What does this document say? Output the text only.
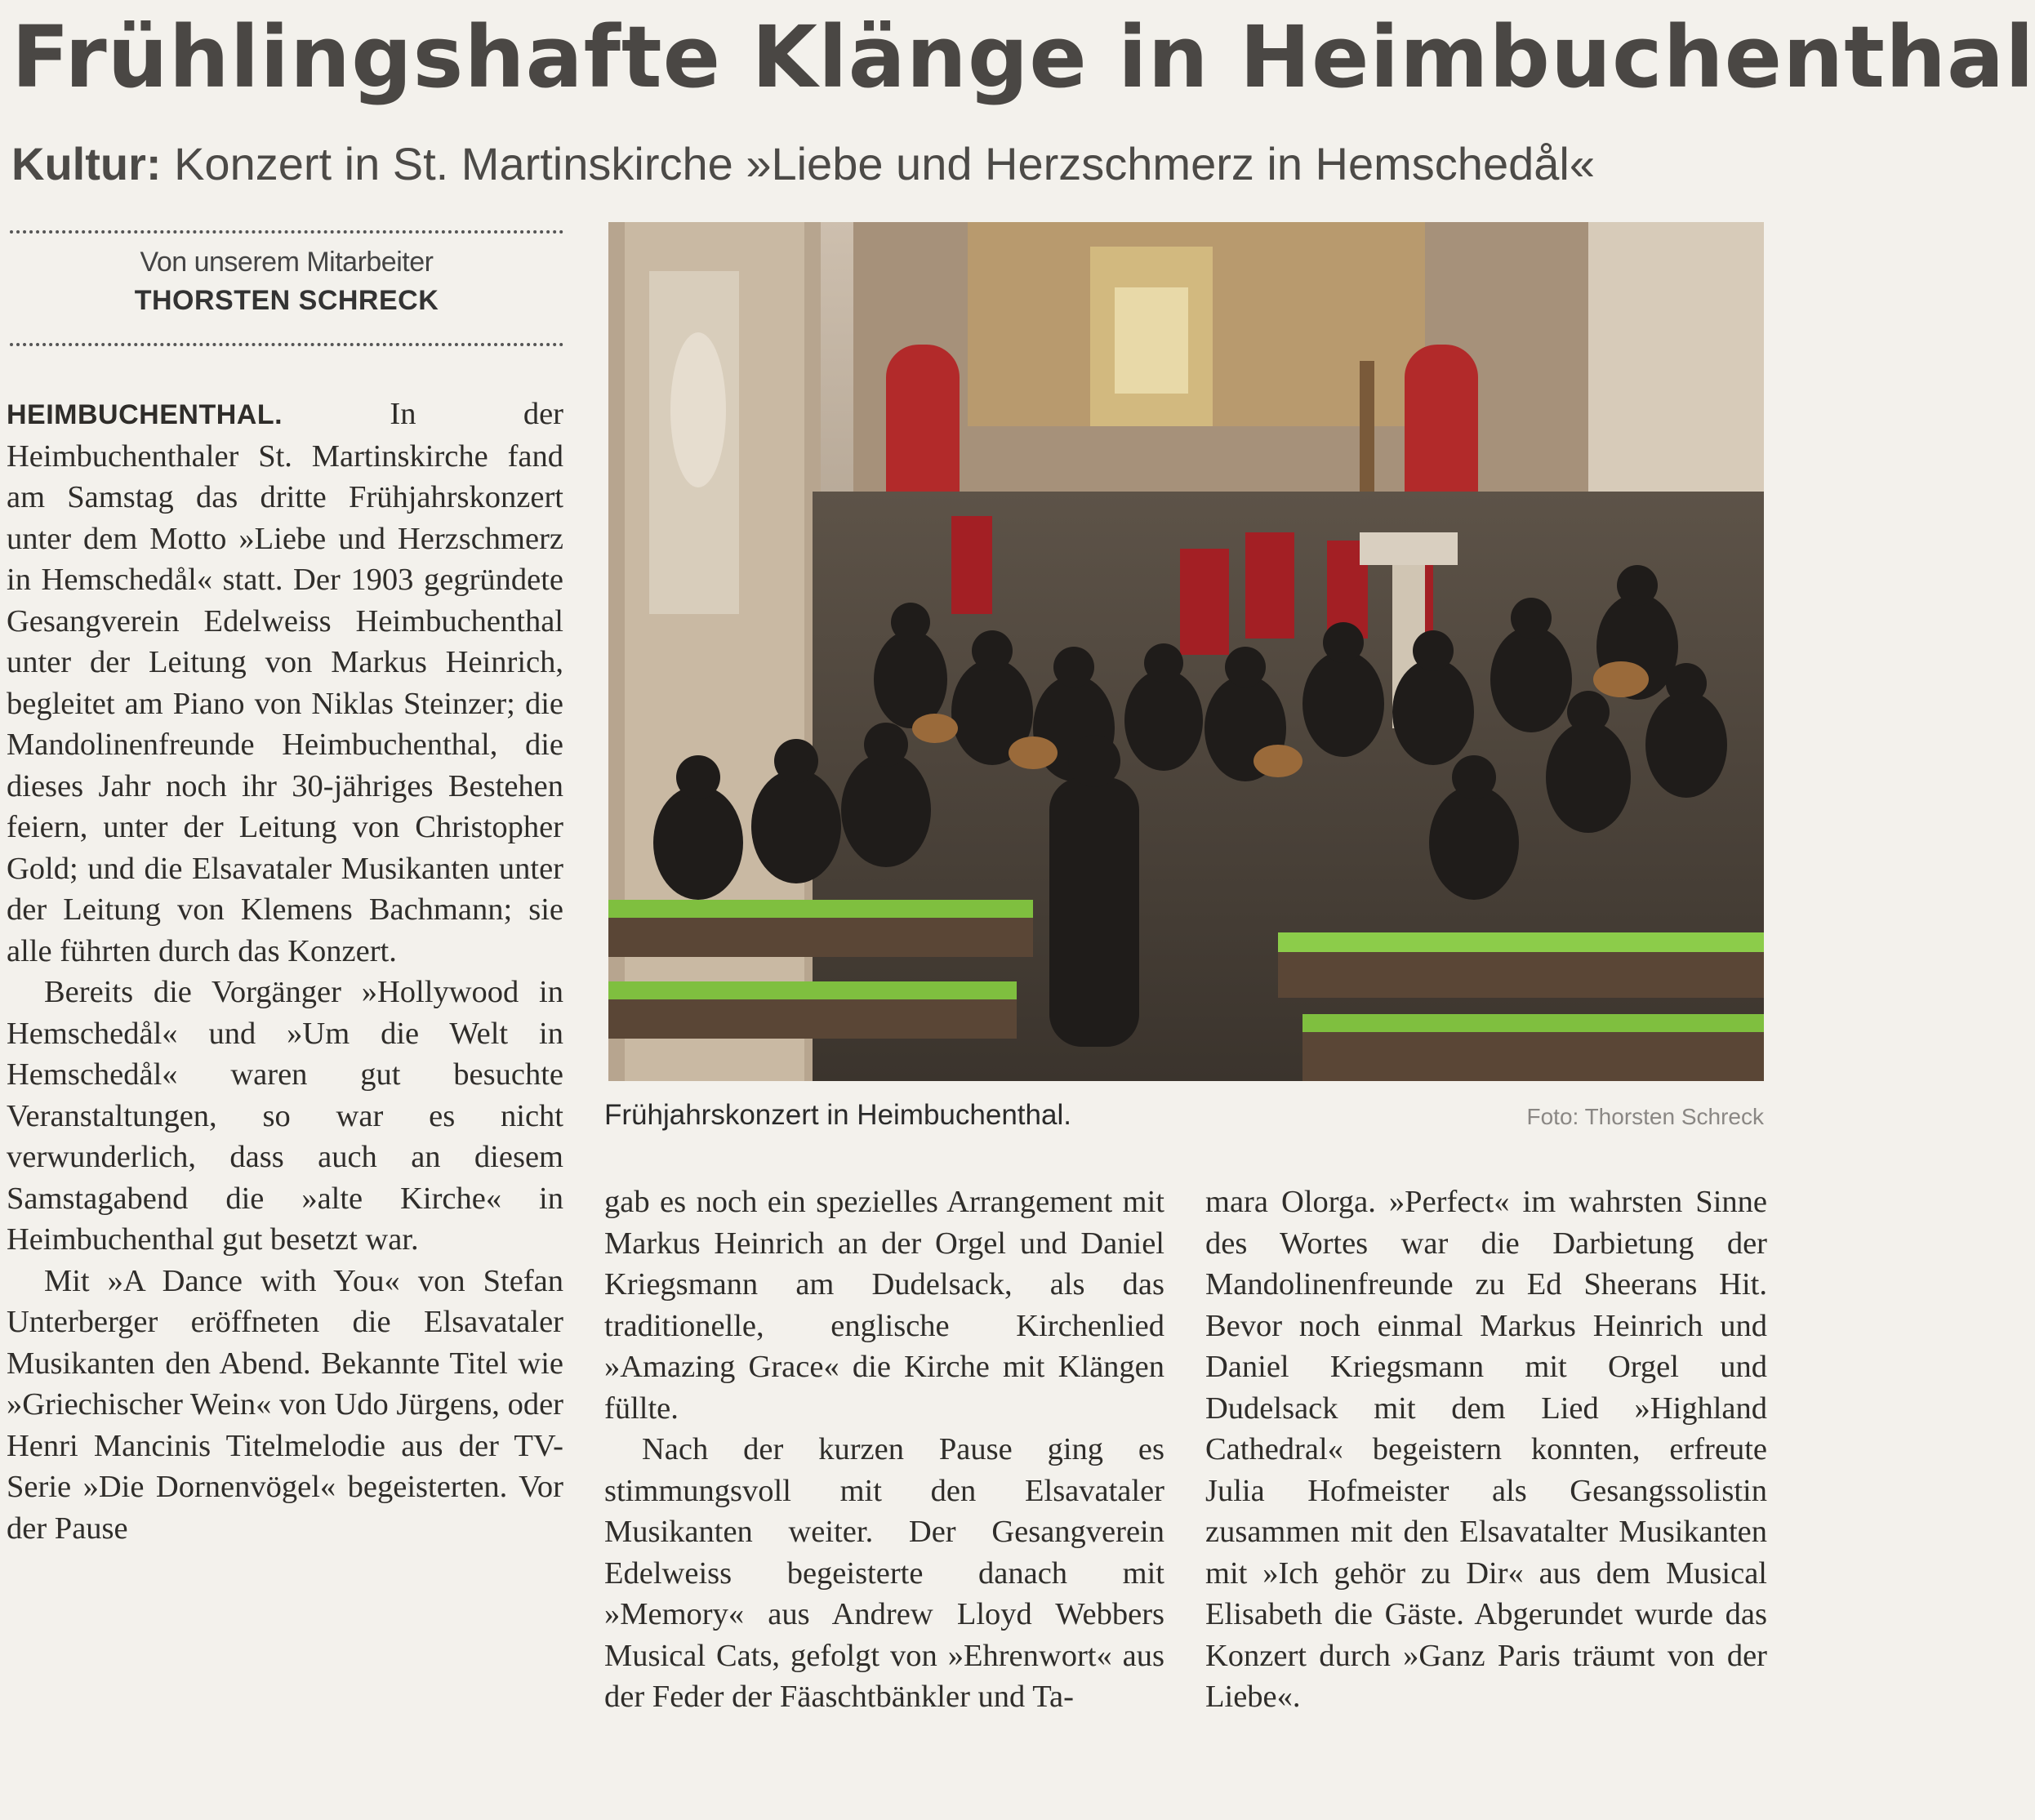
Frühlingshafte Klänge in Heimbuchenthal
Kultur: Konzert in St. Martinskirche »Liebe und Herzschmerz in Hemschedål«
Von unserem Mitarbeiter
THORSTEN SCHRECK

HEIMBUCHENTHAL. In der Heimbuchenthaler St. Martinskirche fand am Samstag das dritte Frühjahrskonzert unter dem Motto »Liebe und Herzschmerz in Hemschedål« statt. Der 1903 gegründete Gesangverein Edelweiss Heimbuchenthal unter der Leitung von Markus Heinrich, begleitet am Piano von Niklas Steinzer; die Mandolinenfreunde Heimbuchenthal, die dieses Jahr noch ihr 30-jähriges Bestehen feiern, unter der Leitung von Christopher Gold; und die Elsavataler Musikanten unter der Leitung von Klemens Bachmann; sie alle führten durch das Konzert.

Bereits die Vorgänger »Hollywood in Hemschedål« und »Um die Welt in Hemschedål« waren gut besuchte Veranstaltungen, so war es nicht verwunderlich, dass auch an diesem Samstagabend die »alte Kirche« in Heimbuchenthal gut besetzt war.

Mit »A Dance with You« von Stefan Unterberger eröffneten die Elsavataler Musikanten den Abend. Bekannte Titel wie »Griechischer Wein« von Udo Jürgens, oder Henri Mancinis Titelmelodie aus der TV-Serie »Die Dornenvögel« begeisterten. Vor der Pause

Frühjahrskonzert in Heimbuchenthal.	Foto: Thorsten Schreck

gab es noch ein spezielles Arrangement mit Markus Heinrich an der Orgel und Daniel Kriegsmann am Dudelsack, als das traditionelle, englische Kirchenlied »Amazing Grace« die Kirche mit Klängen füllte.

Nach der kurzen Pause ging es stimmungsvoll mit den Elsavataler Musikanten weiter. Der Gesangverein Edelweiss begeisterte danach mit »Memory« aus Andrew Lloyd Webbers Musical Cats, gefolgt von »Ehrenwort« aus der Feder der Fäaschtbänkler und Ta-

mara Olorga. »Perfect« im wahrsten Sinne des Wortes war die Darbietung der Mandolinenfreunde zu Ed Sheerans Hit. Bevor noch einmal Markus Heinrich und Daniel Kriegsmann mit Orgel und Dudelsack mit dem Lied »Highland Cathedral« begeistern konnten, erfreute Julia Hofmeister als Gesangssolistin zusammen mit den Elsavatalter Musikanten mit »Ich gehör zu Dir« aus dem Musical Elisabeth die Gäste. Abgerundet wurde das Konzert durch »Ganz Paris träumt von der Liebe«.
